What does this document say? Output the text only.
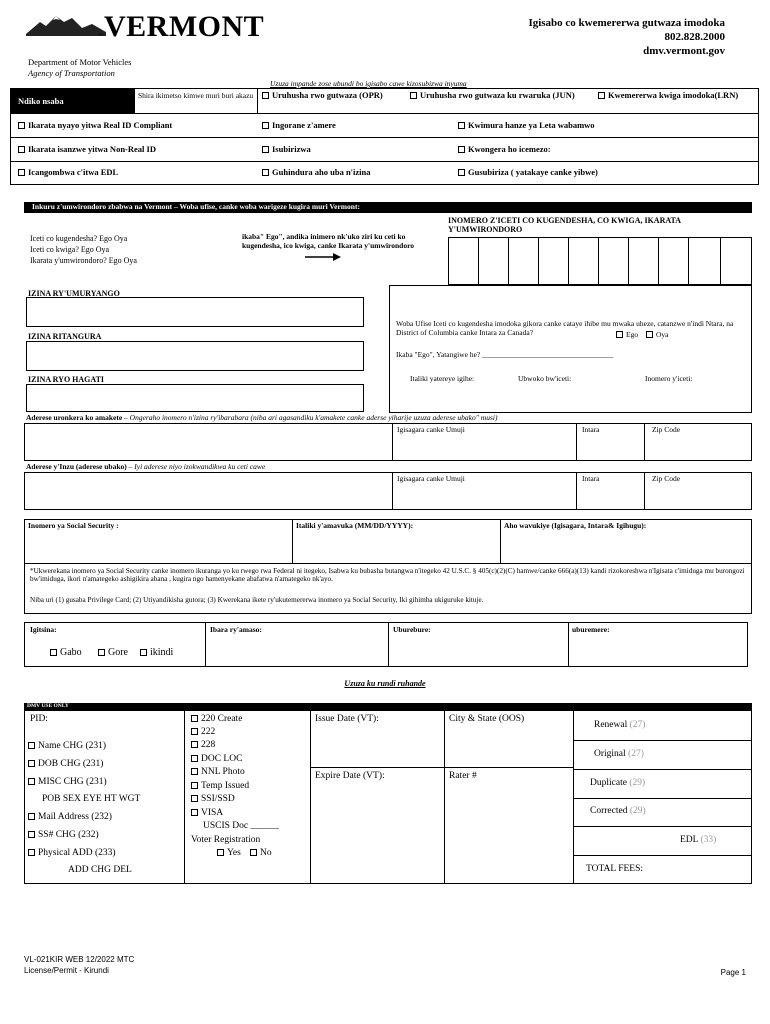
VERMONT
™
Department of Motor Vehicles
Agency of Transportation
Igisabo co kwemererwa gutwaza imodoka
802.828.2000
dmv.vermont.gov
Uzuza impande zose ubundi bo igisabo cawe kizosubizwa inyuma
Ndiko nsaba
Shira ikimetso kimwe muri buri akazu	Uruhusha rwo gutwaza (OPR)	Uruhusha rwo gutwaza ku rwaruka (JUN)	Kwemererwa kwiga imodoka(LRN)
Ikarata nyayo yitwa Real ID Compliant	Ingorane z'amere	Kwimura hanze ya Leta wabamwo
Ikarata isanzwe yitwa Non-Real ID	Isubirizwa	Kwongera ho icemezo:
Icangombwa c'itwa EDL	Guhindura aho uba n'izina	Gusubiriza ( yatakaye canke yibwe)
Inkuru z'umwirondoro zbabwa na Vermont – Woba ufise, canke woba warigeze kugira muri Vermont:
Iceti co kugendesha? Ego Oya
Iceti co kwiga? Ego Oya
Ikarata y'umwirondoro? Ego Oya
ikaba" Ego", andika inimero nk'uko ziri ku ceti ko kugendesha, ico kwiga, canke Ikarata y'umwirondoro
INOMERO Z'ICETI CO KUGENDESHA, CO KWIGA, IKARATA Y'UMWIRONDORO
IZINA RY'UMURYANGO
IZINA RITANGURA
IZINA RYO HAGATI
Woba Ufise Iceti co kugendesha imodoka gikora canke cataye ihibe mu mwaka uheze, catanzwe n'indi Ntara, na District of Columbia canke Intara za Canada?	Ego	Oya
Ikaba "Ego", Yatangiwe he? ___________________________________
Italiki yatereye igihe:	Ubwoko bw'iceti:	Inomero y'iceti:
Aderese uronkera ko amakete – Ongeraho inomero n'izina ry'ibarabara (niba ari agasandiku k'amakete canke aderse yiharije uzuza aderese ubako" musi)
Igisagara canke Umuji	Intara	Zip Code
Aderese y'Inzu (aderese ubako) – Iyi aderese niyo izokwandikwa ku ceti cawe
Igisagara canke Umuji	Intara	Zip Code
Inomero ya Social Security :	Italiki y'amavuka (MM/DD/YYYY):	Aho wavukiye (Igisagara, Intara& Igihugu):
*Ukwerekana inomero ya Social Security canke inomero ikuranga yo ku rwego rwa Federal ni itegeko, Isabwa ku bubasha butangwa n'itegeko 42 U.S.C. § 405(c)(2)(C) hamwe/canke 666(a)(13) kandi rizokoreshwa n'Igisata c'imiduga mu burongozi bw'imiduga, ikori n'amategeko ashigikira abana , kugira ngo hamenyekane abafatwa n'amategeko nk'ayo.
Niba uri (1) gusaba Privilege Card; (2) Utiyandikisha gutora; (3) Kwerekana ikete ry'ukutemererwa inomero ya Social Security, Iki gihimba ukiguruke kituje.
Igitsina:
Gabo	Gore	ikindi
Ibara ry'amaso:	Uburebure:	uburemere:
Uzuza ku rundi ruhande
DMV USE ONLY
PID:
Name CHG (231)
DOB CHG (231)
MISC CHG (231)
POB SEX EYE HT WGT
Mail Address (232)
SS# CHG (232)
Physical ADD (233)
ADD CHG DEL
220 Create
222
228
DOC LOC
NNL Photo
Temp Issued
SSI/SSD
VISA
USCIS Doc ______
Voter Registration
Yes	No
Issue Date (VT):	City & State (OOS)
Expire Date (VT):	Rater #
Renewal (27)
Original (27)
Duplicate (29)
Corrected (29)
EDL (33)
TOTAL FEES:
VL-021KIR WEB 12/2022 MTC
License/Permit - Kirundi	Page 1
